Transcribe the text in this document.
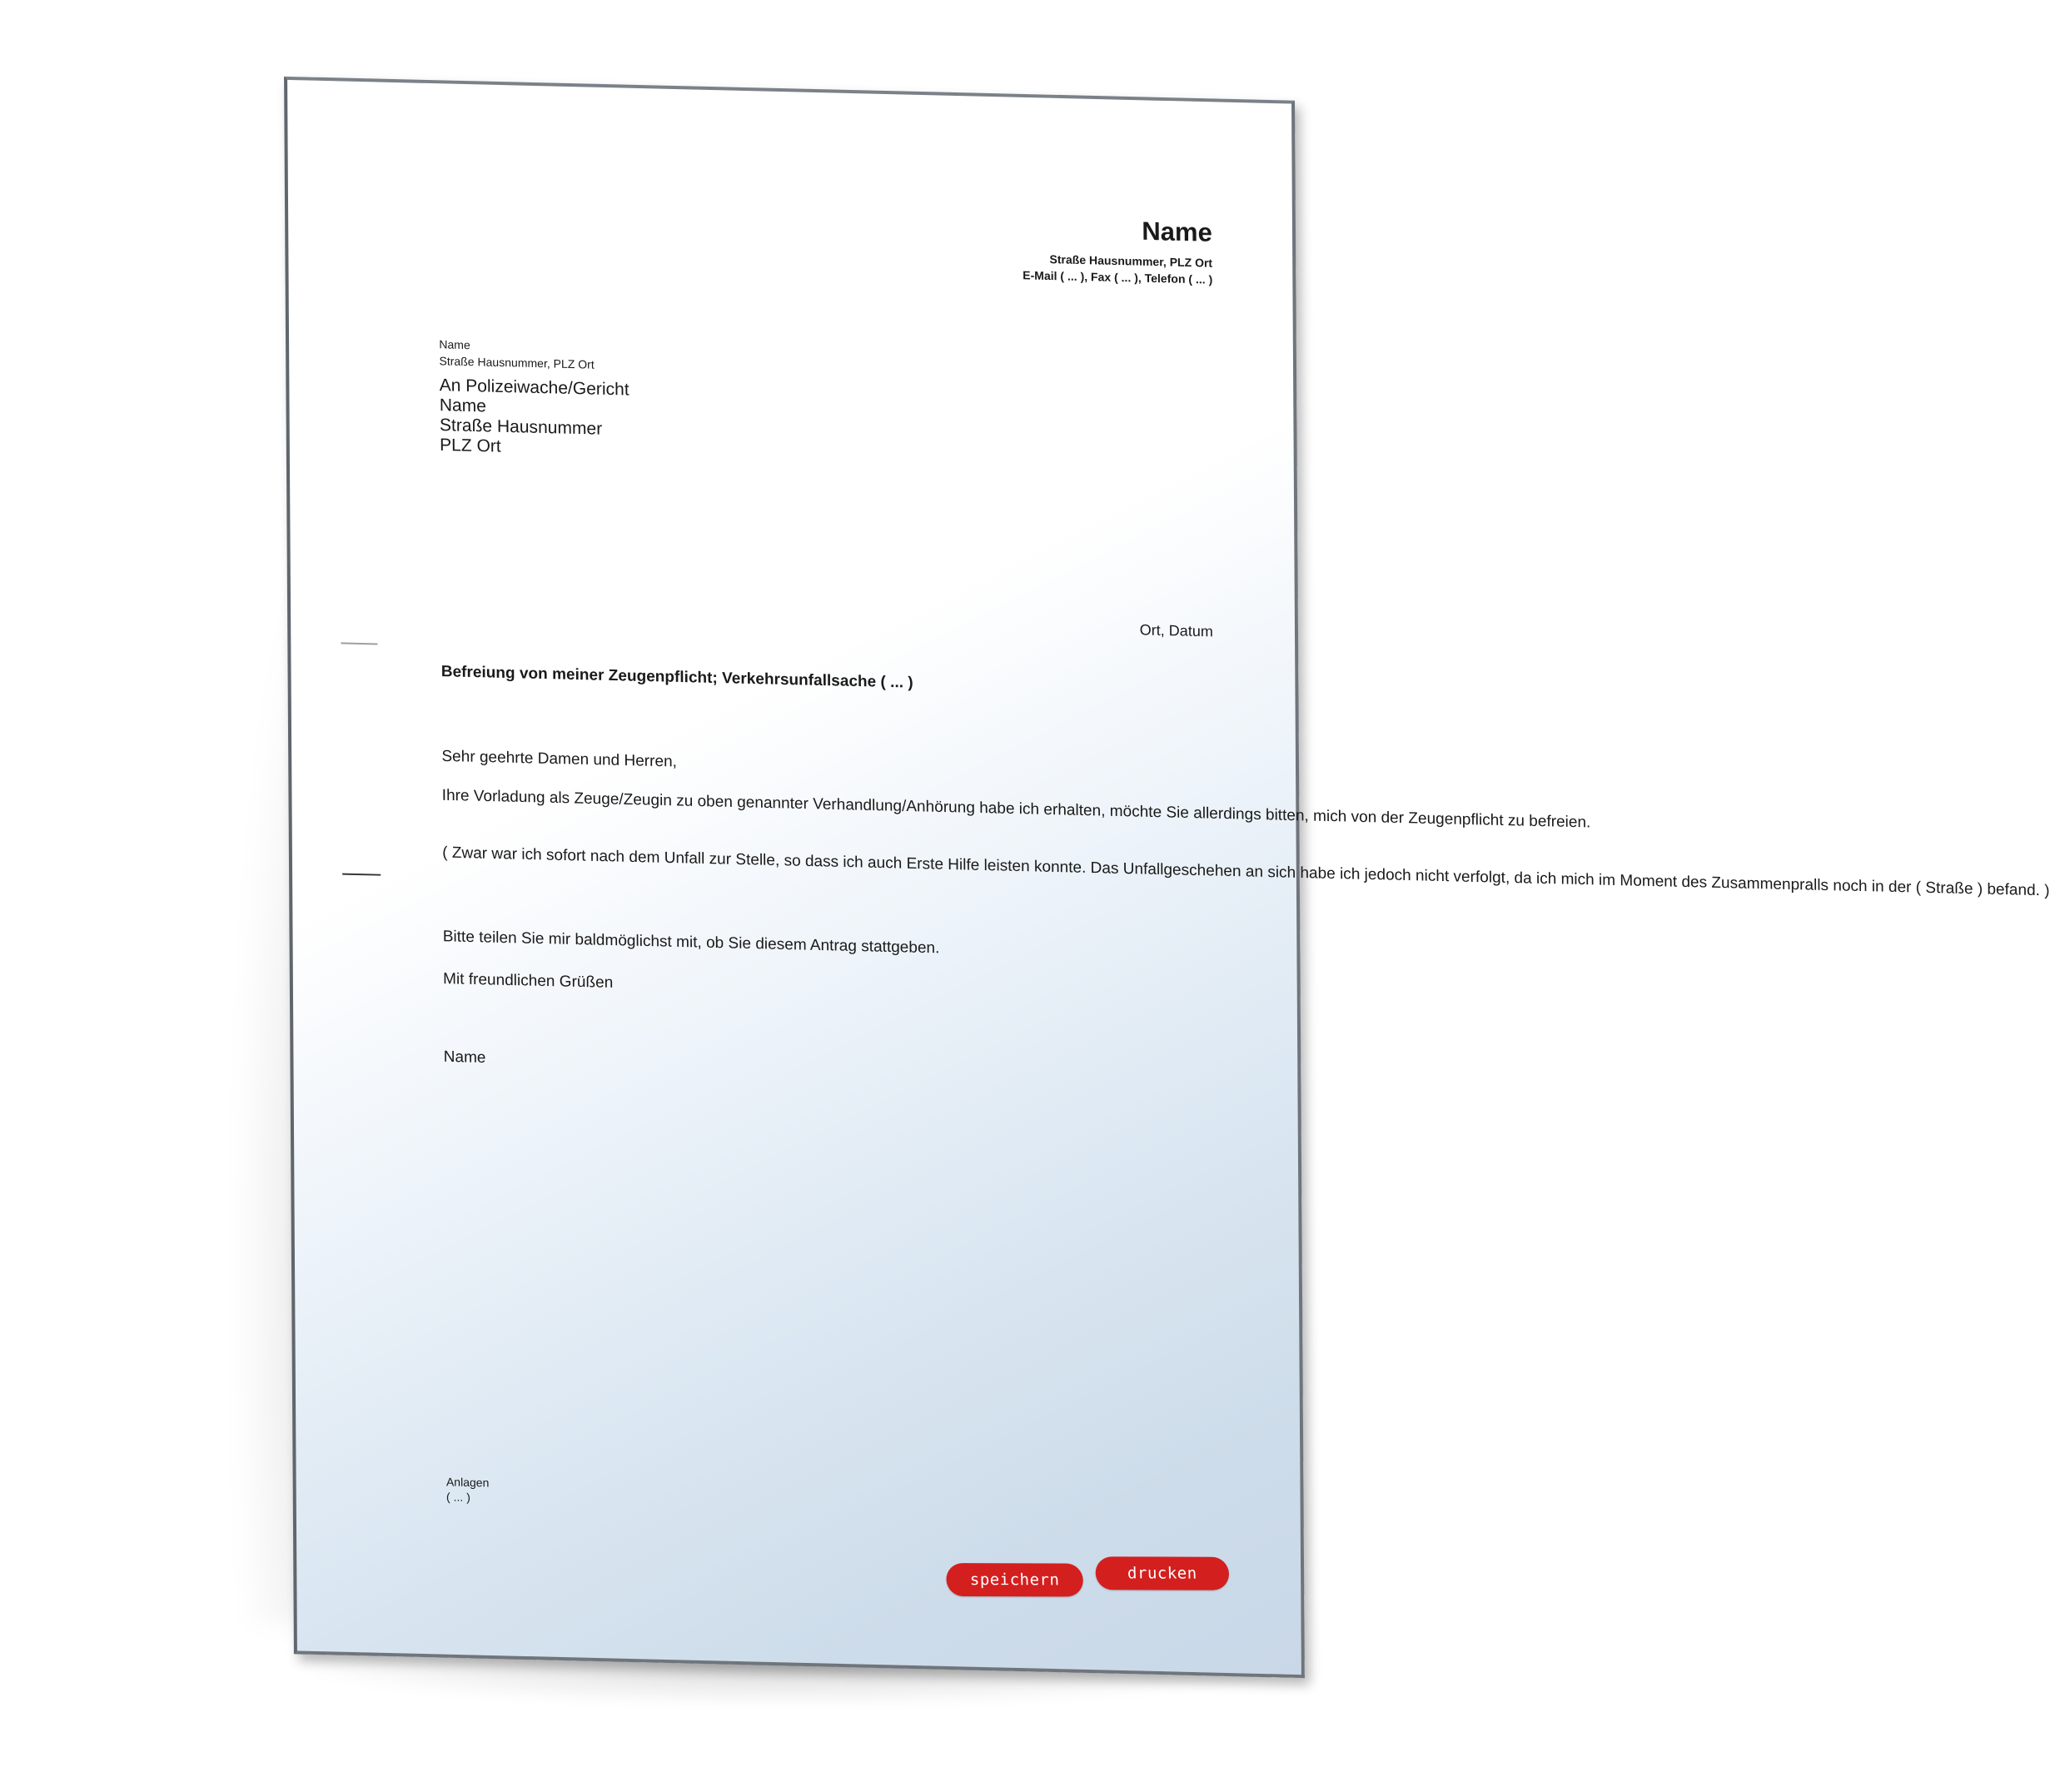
Name
Straße Hausnummer, PLZ Ort
E-Mail ( ... ), Fax ( ... ), Telefon ( ... )
Name
Straße Hausnummer, PLZ Ort
An Polizeiwache/Gericht
Name
Straße Hausnummer
PLZ Ort
Ort, Datum
Befreiung von meiner Zeugenpflicht; Verkehrsunfallsache ( ... )
Sehr geehrte Damen und Herren,
Ihre Vorladung als Zeuge/Zeugin zu oben genannter Verhandlung/Anhörung habe ich erhalten, möchte Sie allerdings bitten, mich von der Zeugenpflicht zu befreien.
( Zwar war ich sofort nach dem Unfall zur Stelle, so dass ich auch Erste Hilfe leisten konnte. Das Unfallgeschehen an sich habe ich jedoch nicht verfolgt, da ich mich im Moment des Zusammenpralls noch in der ( Straße ) befand. )
Bitte teilen Sie mir baldmöglichst mit, ob Sie diesem Antrag stattgeben.
Mit freundlichen Grüßen
Name
Anlagen
( ... )
speichern	drucken
